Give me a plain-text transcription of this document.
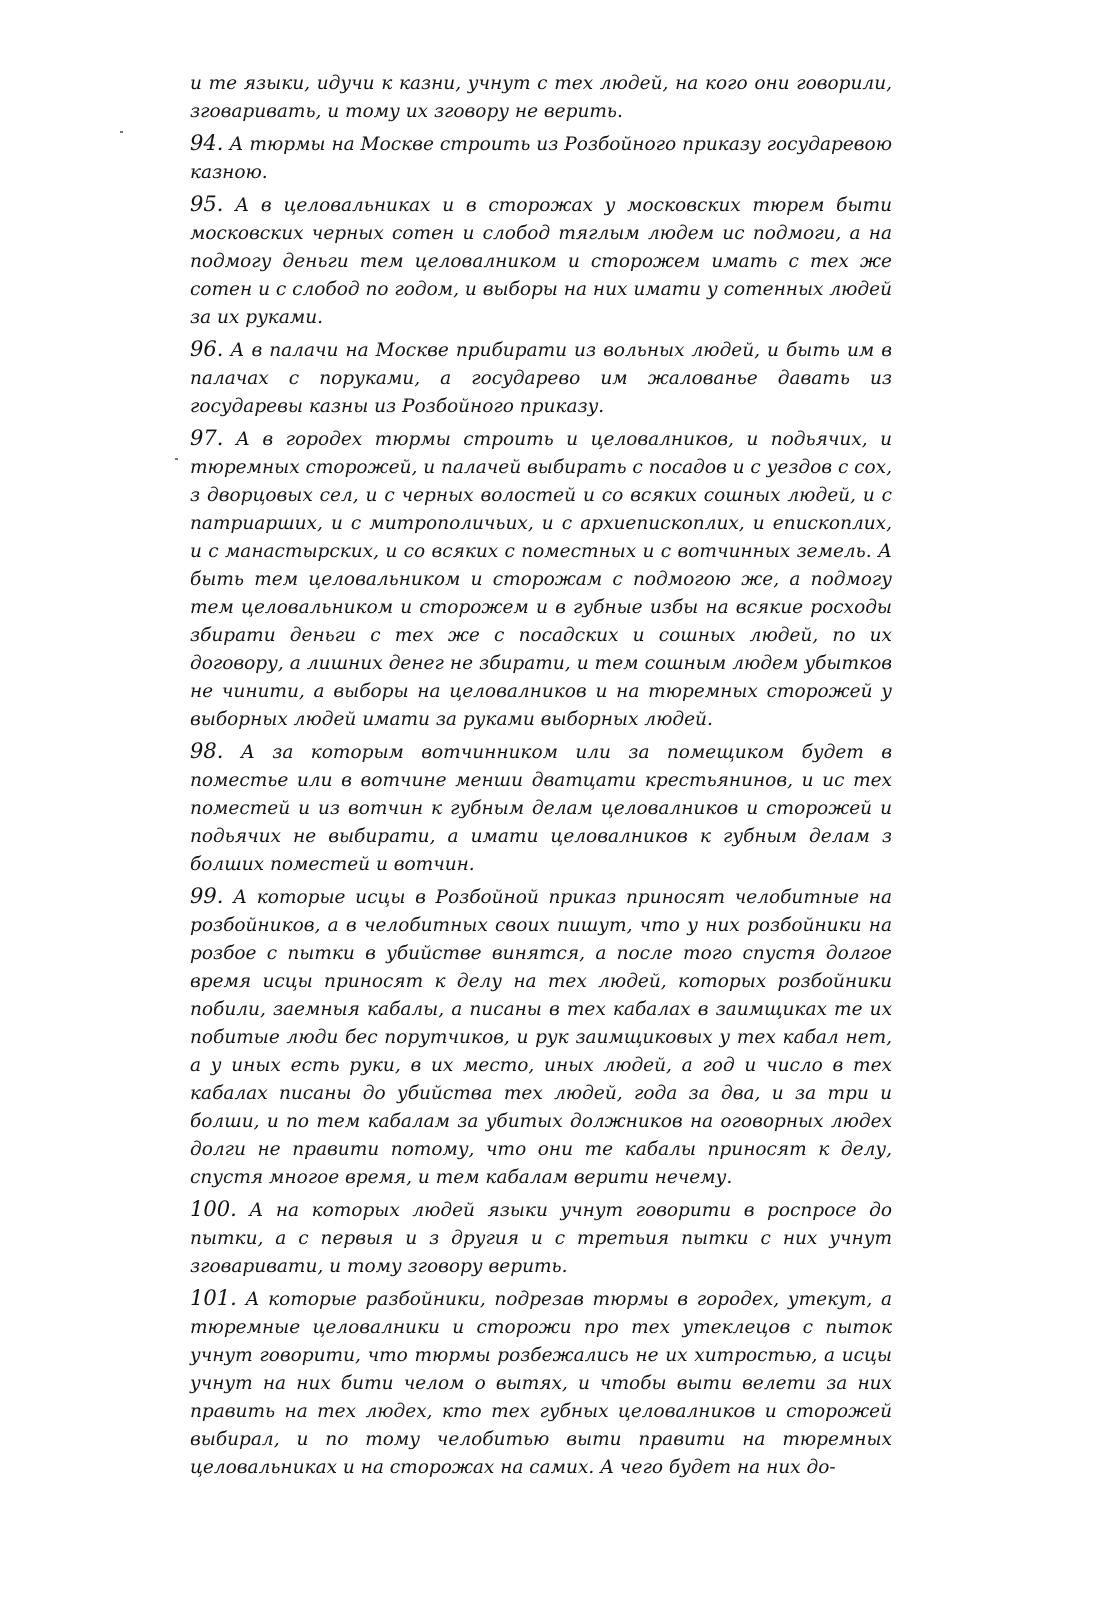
и те языки, идучи к казни, учнут с тех людей, на кого они говорили, зговаривать, и тому их зговору не верить.

94. А тюрмы на Москве строить из Розбойного приказу государевою казною.

95. А в целовальниках и в сторожах у московских тюрем быти московских черных сотен и слобод тяглым людем ис подмоги, а на подмогу деньги тем целовалником и сторожем имать с тех же сотен и с слобод по годом, и выборы на них имати у сотенных людей за их руками.

96. А в палачи на Москве прибирати из вольных людей, и быть им в палачах с поруками, а государево им жалованье давать из государевы казны из Розбойного приказу.

97. А в городех тюрмы строить и целовалников, и подьячих, и тюремных сторожей, и палачей выбирать с посадов и с уездов с сох, з дворцовых сел, и с черных волостей и со всяких сошных людей, и с патриарших, и с митрополичьих, и с архиепископлих, и епископлих, и с манастырских, и со всяких с поместных и с вотчинных земель. А быть тем целовальником и сторожам с подмогою же, а подмогу тем целовальником и сторожем и в губные избы на всякие росходы збирати деньги с тех же с посадских и сошных людей, по их договору, а лишних денег не збирати, и тем сошным людем убытков не чинити, а выборы на целовалников и на тюремных сторожей у выборных людей имати за руками выборных людей.

98. А за которым вотчинником или за помещиком будет в поместье или в вотчине менши дватцати крестьянинов, и ис тех поместей и из вотчин к губным делам целовалников и сторожей и подьячих не выбирати, а имати целовалников к губным делам з болших поместей и вотчин.

99. А которые исцы в Розбойной приказ приносят челобитные на розбойников, а в челобитных своих пишут, что у них розбойники на розбое с пытки в убийстве винятся, а после того спустя долгое время исцы приносят к делу на тех людей, которых розбойники побили, заемныя кабалы, а писаны в тех кабалах в заимщиках те их побитые люди бес порутчиков, и рук заимщиковых у тех кабал нет, а у иных есть руки, в их место, иных людей, а год и число в тех кабалах писаны до убийства тех людей, года за два, и за три и болши, и по тем кабалам за убитых должников на оговорных людех долги не правити потому, что они те кабалы приносят к делу, спустя многое время, и тем кабалам верити нечему.

100. А на которых людей языки учнут говорити в роспросе до пытки, а с первыя и з другия и с третьия пытки с них учнут зговаривати, и тому зговору верить.

101. А которые разбойники, подрезав тюрмы в городех, утекут, а тюремные целовалники и сторожи про тех утеклецов с пыток учнут говорити, что тюрмы розбежались не их хитростью, а исцы учнут на них бити челом о вытях, и чтобы выти велети за них править на тех людех, кто тех губных целовалников и сторожей выбирал, и по тому челобитью выти правити на тюремных целовальниках и на сторожах на самих. А чего будет на них до-
